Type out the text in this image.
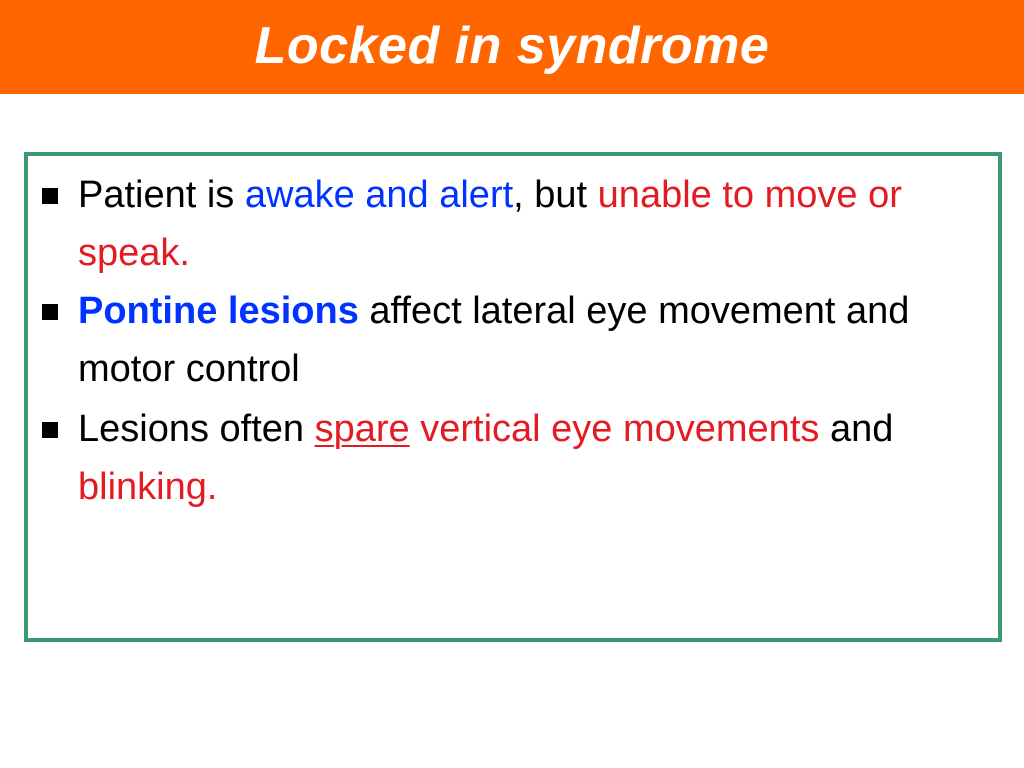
Locked in syndrome
Patient is awake and alert, but unable to move or speak.
Pontine lesions affect lateral eye movement and motor control
Lesions often spare vertical eye movements and blinking.
